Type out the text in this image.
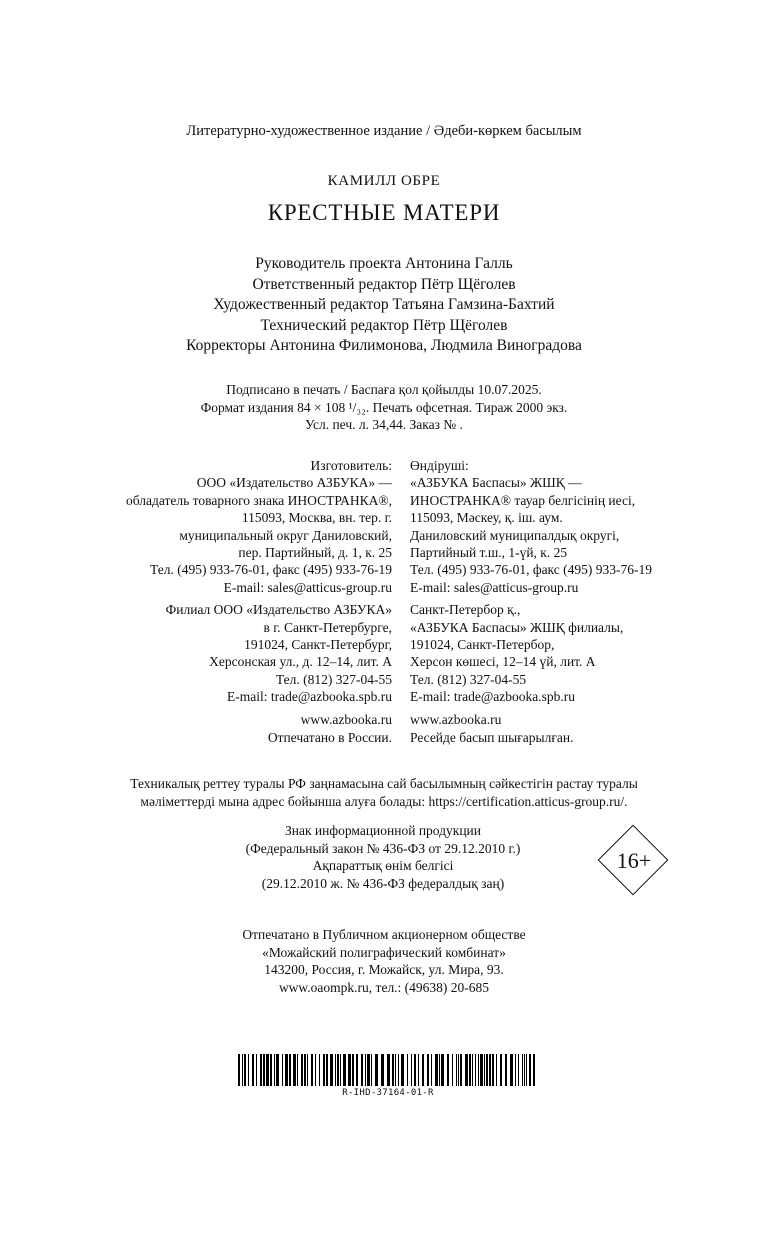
Литературно-художественное издание / Әдеби-көркем басылым
КАМИЛЛ ОБРЕ
КРЕСТНЫЕ МАТЕРИ
Руководитель проекта Антонина Галль
Ответственный редактор Пётр Щёголев
Художественный редактор Татьяна Гамзина-Бахтий
Технический редактор Пётр Щёголев
Корректоры Антонина Филимонова, Людмила Виноградова
Подписано в печать / Баспаға қол қойылды 10.07.2025.
Формат издания 84 × 108 ¹/₃₂. Печать офсетная. Тираж 2000 экз.
Усл. печ. л. 34,44. Заказ № .
Изготовитель:
ООО «Издательство АЗБУКА» —
обладатель товарного знака ИНОСТРАНКА®,
115093, Москва, вн. тер. г.
муниципальный округ Даниловский,
пер. Партийный, д. 1, к. 25
Тел. (495) 933-76-01, факс (495) 933-76-19
E-mail: sales@atticus-group.ru
Филиал ООО «Издательство АЗБУКА»
в г. Санкт-Петербурге,
191024, Санкт-Петербург,
Херсонская ул., д. 12–14, лит. А
Тел. (812) 327-04-55
E-mail: trade@azbooka.spb.ru
www.azbooka.ru
Отпечатано в России.
Өндіруші:
«АЗБУКА Баспасы» ЖШҚ —
ИНОСТРАНКА® тауар белгісінің иесі,
115093, Мәскеу, қ. іш. аум.
Даниловский муниципалдық округі,
Партийный т.ш., 1-үй, к. 25
Тел. (495) 933-76-01, факс (495) 933-76-19
E-mail: sales@atticus-group.ru
Санкт-Петербор қ.,
«АЗБУКА Баспасы» ЖШҚ филиалы,
191024, Санкт-Петербор,
Херсон көшесі, 12–14 үй, лит. А
Тел. (812) 327-04-55
E-mail: trade@azbooka.spb.ru
www.azbooka.ru
Ресейде басып шығарылған.
Техникалық реттеу туралы РФ заңнамасына сай басылымның сәйкестігін растау туралы
мәліметтерді мына адрес бойынша алуға болады: https://certification.atticus-group.ru/.
Знак информационной продукции
(Федеральный закон № 436-ФЗ от 29.12.2010 г.)
Ақпараттық өнім белгісі
(29.12.2010 ж. № 436-ФЗ федералдық заң)
16+
Отпечатано в Публичном акционерном обществе
«Можайский полиграфический комбинат»
143200, Россия, г. Можайск, ул. Мира, 93.
www.oaompk.ru, тел.: (49638) 20-685
R-IHD-37164-01-R
